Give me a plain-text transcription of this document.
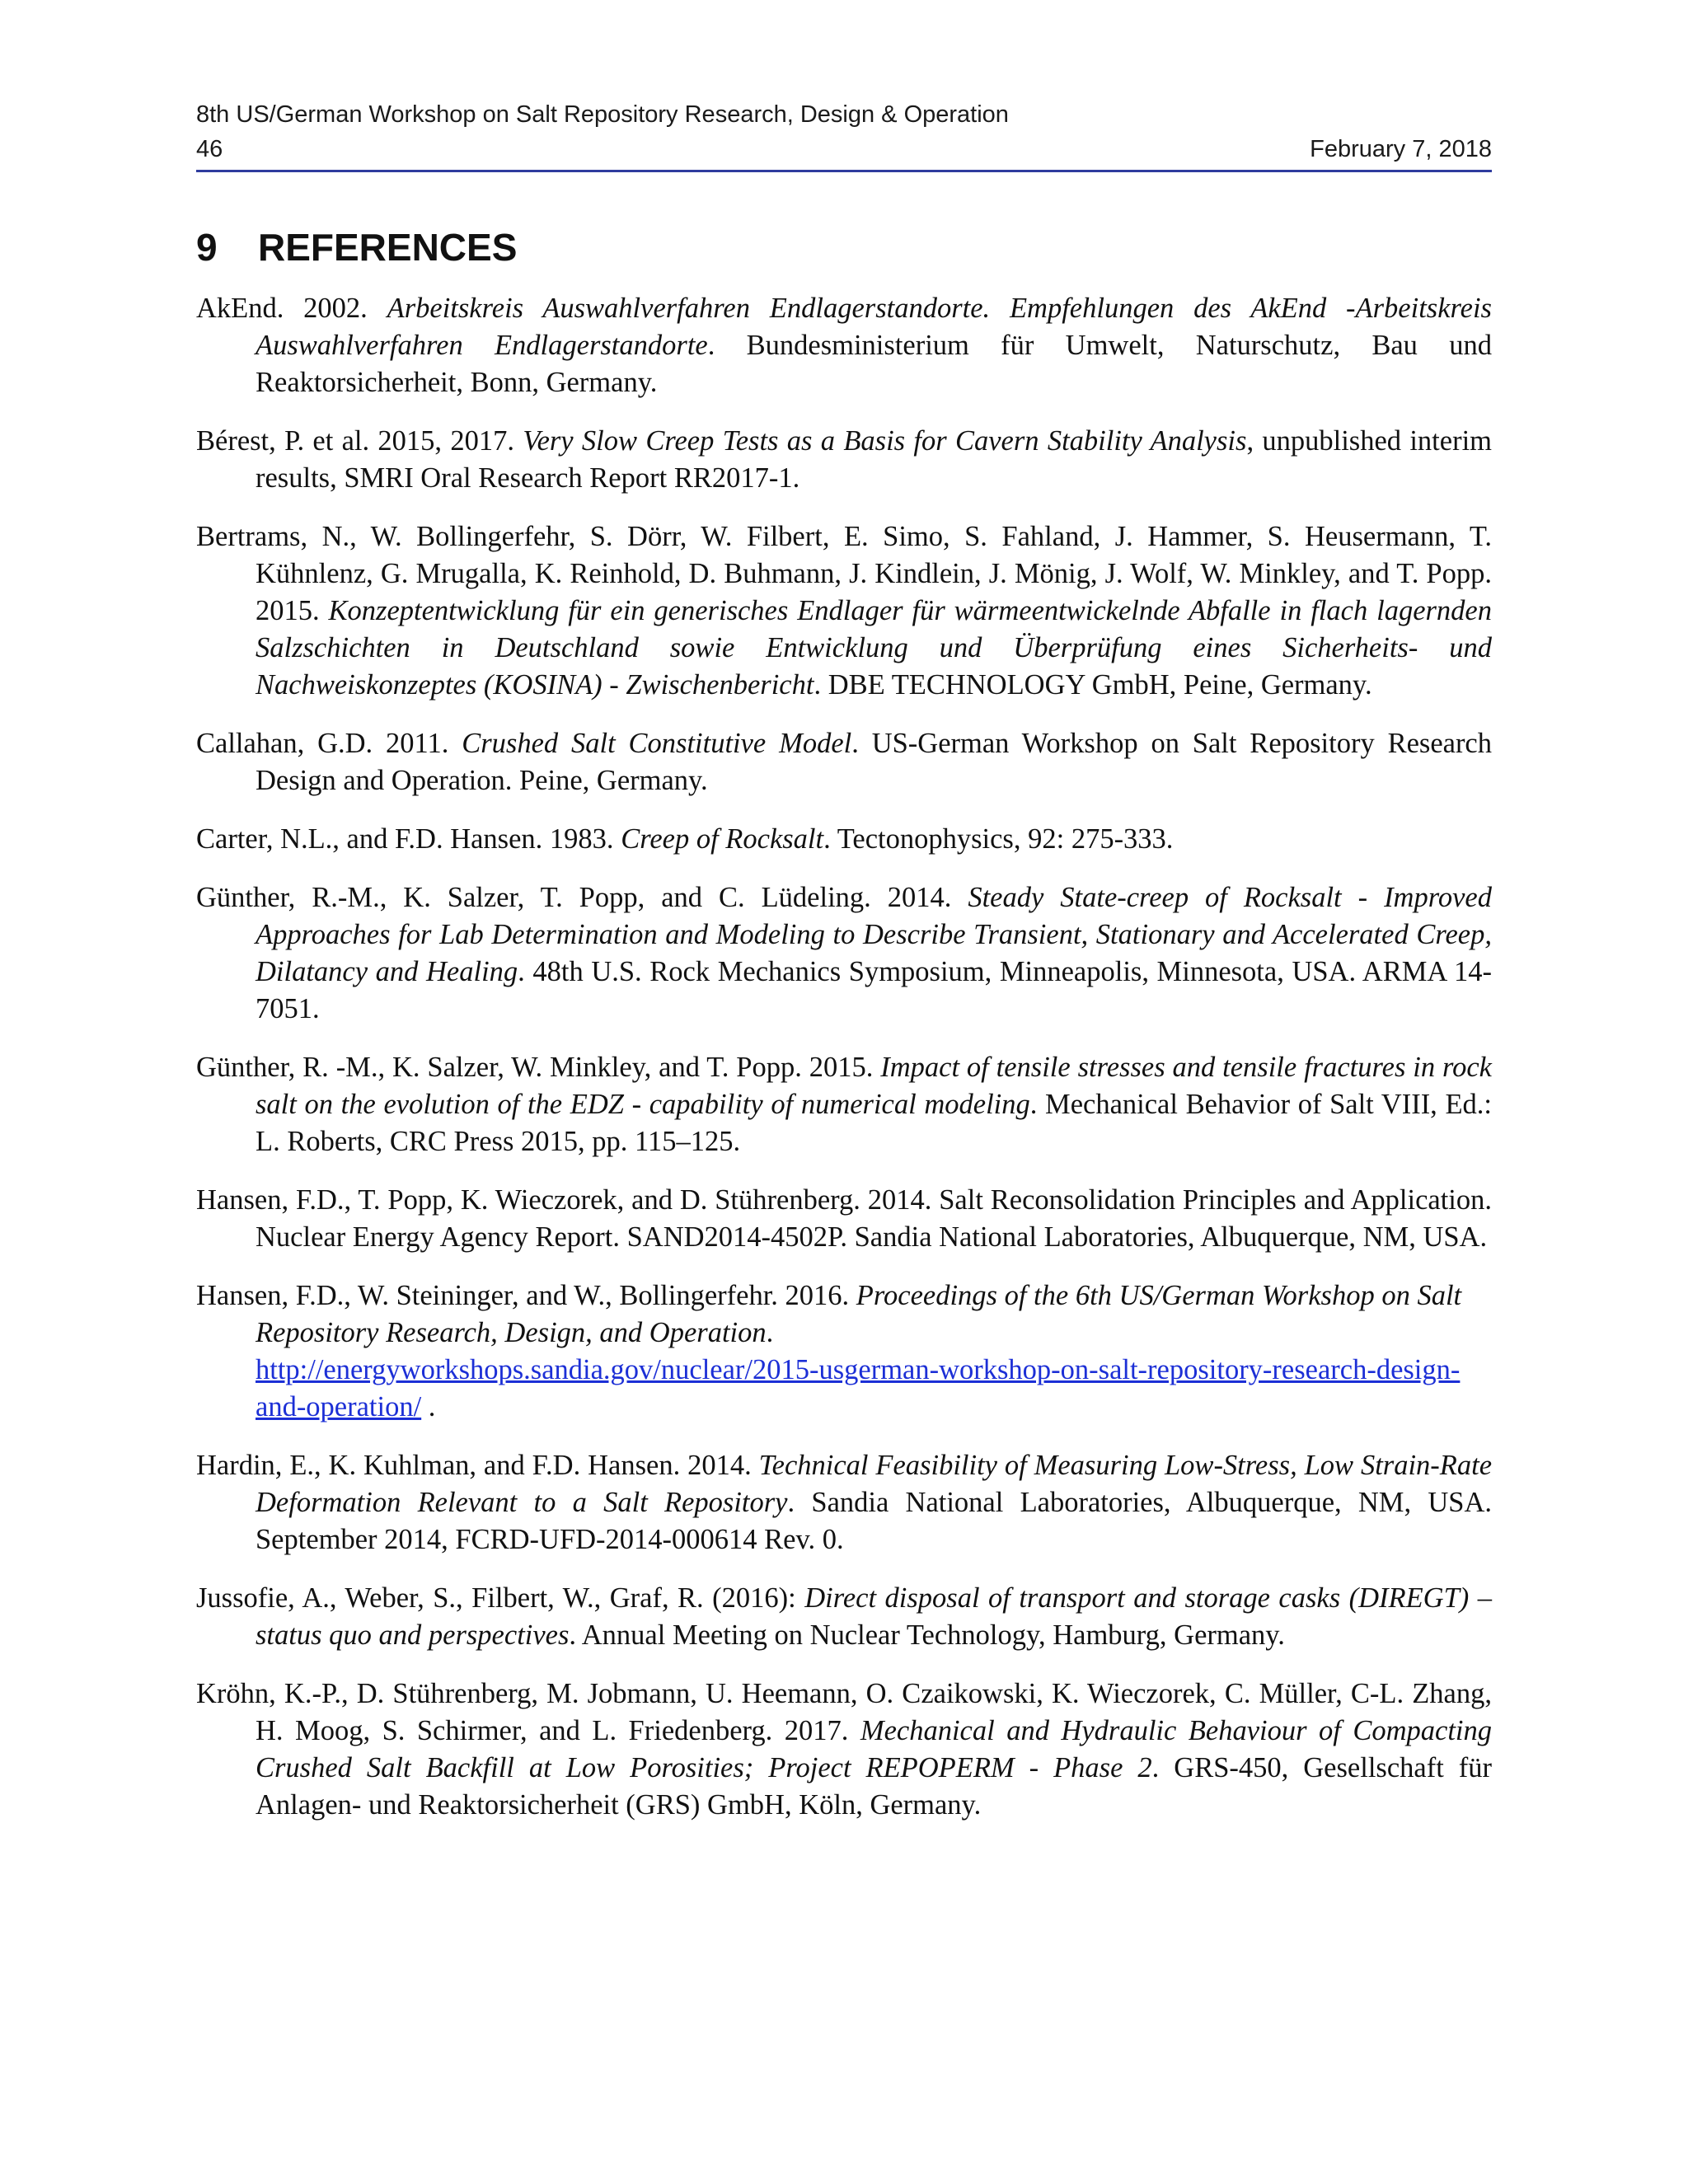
8th US/German Workshop on Salt Repository Research, Design & Operation
46	February 7, 2018
9 REFERENCES

AkEnd. 2002. Arbeitskreis Auswahlverfahren Endlagerstandorte. Empfehlungen des AkEnd -Arbeitskreis Auswahlverfahren Endlagerstandorte. Bundesministerium für Umwelt, Naturschutz, Bau und Reaktorsicherheit, Bonn, Germany.

Bérest, P. et al. 2015, 2017. Very Slow Creep Tests as a Basis for Cavern Stability Analysis, unpublished interim results, SMRI Oral Research Report RR2017-1.

Bertrams, N., W. Bollingerfehr, S. Dörr, W. Filbert, E. Simo, S. Fahland, J. Hammer, S. Heusermann, T. Kühnlenz, G. Mrugalla, K. Reinhold, D. Buhmann, J. Kindlein, J. Mönig, J. Wolf, W. Minkley, and T. Popp. 2015. Konzeptentwicklung für ein generisches Endlager für wärmeentwickelnde Abfalle in flach lagernden Salzschichten in Deutschland sowie Entwicklung und Überprüfung eines Sicherheits- und Nachweiskonzeptes (KOSINA) - Zwischenbericht. DBE TECHNOLOGY GmbH, Peine, Germany.

Callahan, G.D. 2011. Crushed Salt Constitutive Model. US-German Workshop on Salt Repository Research Design and Operation. Peine, Germany.

Carter, N.L., and F.D. Hansen. 1983. Creep of Rocksalt. Tectonophysics, 92: 275-333.

Günther, R.-M., K. Salzer, T. Popp, and C. Lüdeling. 2014. Steady State-creep of Rocksalt - Improved Approaches for Lab Determination and Modeling to Describe Transient, Stationary and Accelerated Creep, Dilatancy and Healing. 48th U.S. Rock Mechanics Symposium, Minneapolis, Minnesota, USA. ARMA 14-7051.

Günther, R. -M., K. Salzer, W. Minkley, and T. Popp. 2015. Impact of tensile stresses and tensile fractures in rock salt on the evolution of the EDZ - capability of numerical modeling. Mechanical Behavior of Salt VIII, Ed.: L. Roberts, CRC Press 2015, pp. 115–125.

Hansen, F.D., T. Popp, K. Wieczorek, and D. Stührenberg. 2014. Salt Reconsolidation Principles and Application. Nuclear Energy Agency Report. SAND2014-4502P. Sandia National Laboratories, Albuquerque, NM, USA.

Hansen, F.D., W. Steininger, and W., Bollingerfehr. 2016. Proceedings of the 6th US/German Workshop on Salt Repository Research, Design, and Operation.
http://energyworkshops.sandia.gov/nuclear/2015-usgerman-workshop-on-salt-repository-research-design-and-operation/ .

Hardin, E., K. Kuhlman, and F.D. Hansen. 2014. Technical Feasibility of Measuring Low-Stress, Low Strain-Rate Deformation Relevant to a Salt Repository. Sandia National Laboratories, Albuquerque, NM, USA. September 2014, FCRD-UFD-2014-000614 Rev. 0.

Jussofie, A., Weber, S., Filbert, W., Graf, R. (2016): Direct disposal of transport and storage casks (DIREGT) –status quo and perspectives. Annual Meeting on Nuclear Technology, Hamburg, Germany.

Kröhn, K.-P., D. Stührenberg, M. Jobmann, U. Heemann, O. Czaikowski, K. Wieczorek, C. Müller, C-L. Zhang, H. Moog, S. Schirmer, and L. Friedenberg. 2017. Mechanical and Hydraulic Behaviour of Compacting Crushed Salt Backfill at Low Porosities; Project REPOPERM - Phase 2. GRS-450, Gesellschaft für Anlagen- und Reaktorsicherheit (GRS) GmbH, Köln, Germany.
